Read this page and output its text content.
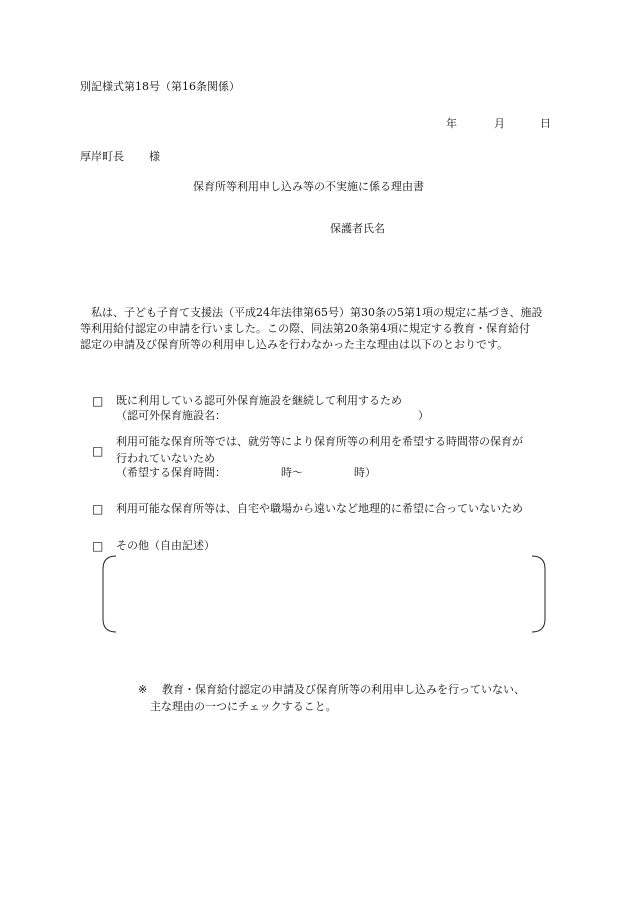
別記様式第18号（第16条関係）
年	月	日
厚岸町長 様
保育所等利用申し込み等の不実施に係る理由書
保護者氏名
私は、子ども子育て支援法（平成24年法律第65号）第30条の5第1項の規定に基づき、施設
等利用給付認定の申請を行いました。この際、同法第20条第4項に規定する教育・保育給付
認定の申請及び保育所等の利用申し込みを行わなかった主な理由は以下のとおりです。
□ 既に利用している認可外保育施設を継続して利用するため
（認可外保育施設名：	）
□
利用可能な保育所等では、就労等により保育所等の利用を希望する時間帯の保育が
行われていないため
（希望する保育時間：	時〜	時）
□ 利用可能な保育所等は、自宅や職場から遠いなど地理的に希望に合っていないため
□ その他（自由記述）
※ 教育・保育給付認定の申請及び保育所等の利用申し込みを行っていない、
主な理由の一つにチェックすること。
